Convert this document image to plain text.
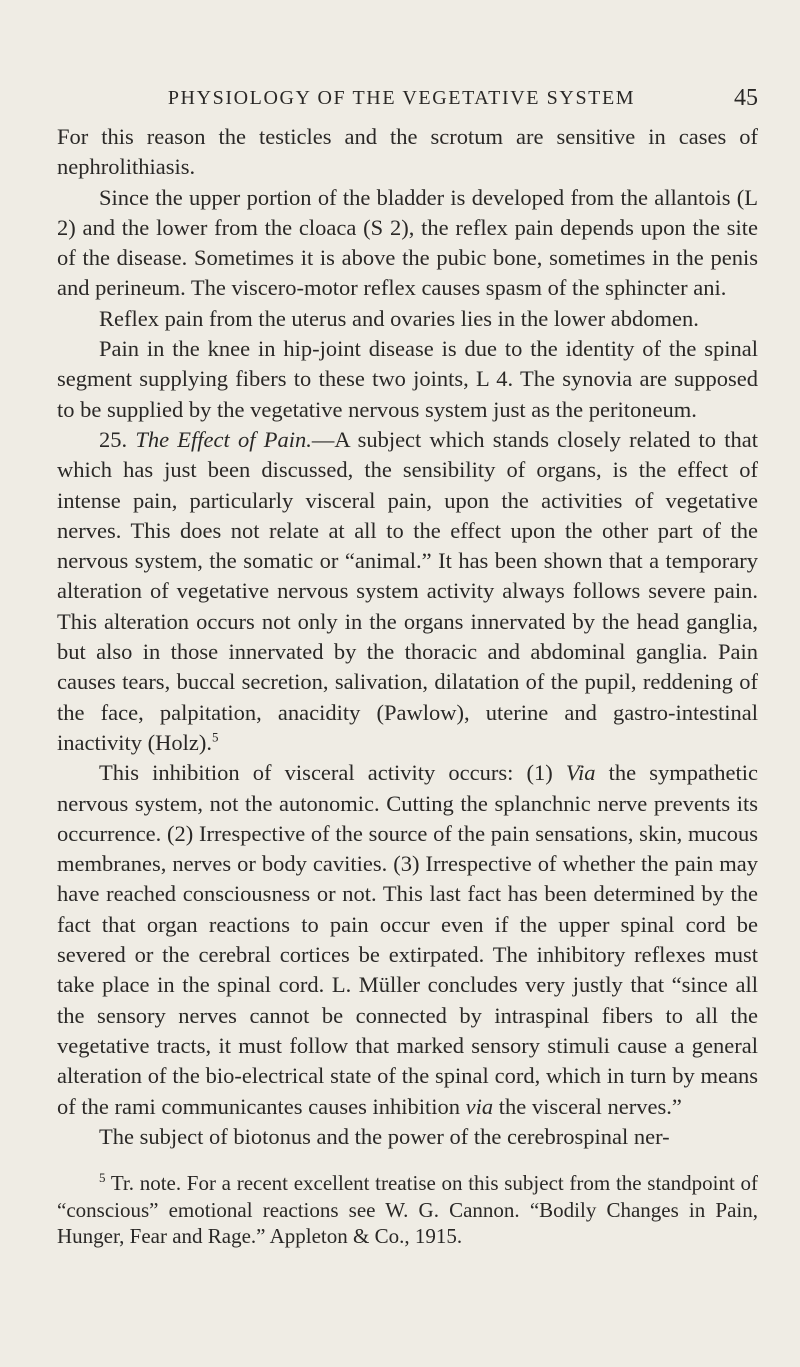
PHYSIOLOGY OF THE VEGETATIVE SYSTEM	45

For this reason the testicles and the scrotum are sensitive in cases of nephrolithiasis.

Since the upper portion of the bladder is developed from the allantois (L 2) and the lower from the cloaca (S 2), the reflex pain depends upon the site of the disease. Sometimes it is above the pubic bone, sometimes in the penis and perineum. The viscero-motor reflex causes spasm of the sphincter ani.

Reflex pain from the uterus and ovaries lies in the lower abdomen.

Pain in the knee in hip-joint disease is due to the identity of the spinal segment supplying fibers to these two joints, L 4. The synovia are supposed to be supplied by the vegetative nervous system just as the peritoneum.

25. The Effect of Pain.—A subject which stands closely related to that which has just been discussed, the sensibility of organs, is the effect of intense pain, particularly visceral pain, upon the activities of vegetative nerves. This does not relate at all to the effect upon the other part of the nervous system, the somatic or “animal.” It has been shown that a temporary alteration of vegetative nervous system activity always follows severe pain. This alteration occurs not only in the organs innervated by the head ganglia, but also in those innervated by the thoracic and abdominal ganglia. Pain causes tears, buccal secretion, salivation, dilatation of the pupil, reddening of the face, palpitation, anacidity (Pawlow), uterine and gastro-intestinal inactivity (Holz).$^5$

This inhibition of visceral activity occurs: (1) Via the sympathetic nervous system, not the autonomic. Cutting the splanchnic nerve prevents its occurrence. (2) Irrespective of the source of the pain sensations, skin, mucous membranes, nerves or body cavities. (3) Irrespective of whether the pain may have reached consciousness or not. This last fact has been determined by the fact that organ reactions to pain occur even if the upper spinal cord be severed or the cerebral cortices be extirpated. The inhibitory reflexes must take place in the spinal cord. L. Müller concludes very justly that “since all the sensory nerves cannot be connected by intraspinal fibers to all the vegetative tracts, it must follow that marked sensory stimuli cause a general alteration of the bio-electrical state of the spinal cord, which in turn by means of the rami communicantes causes inhibition via the visceral nerves.”

The subject of biotonus and the power of the cerebrospinal ner-

$^5$ Tr. note. For a recent excellent treatise on this subject from the standpoint of “conscious” emotional reactions see W. G. Cannon. “Bodily Changes in Pain, Hunger, Fear and Rage.” Appleton & Co., 1915.
